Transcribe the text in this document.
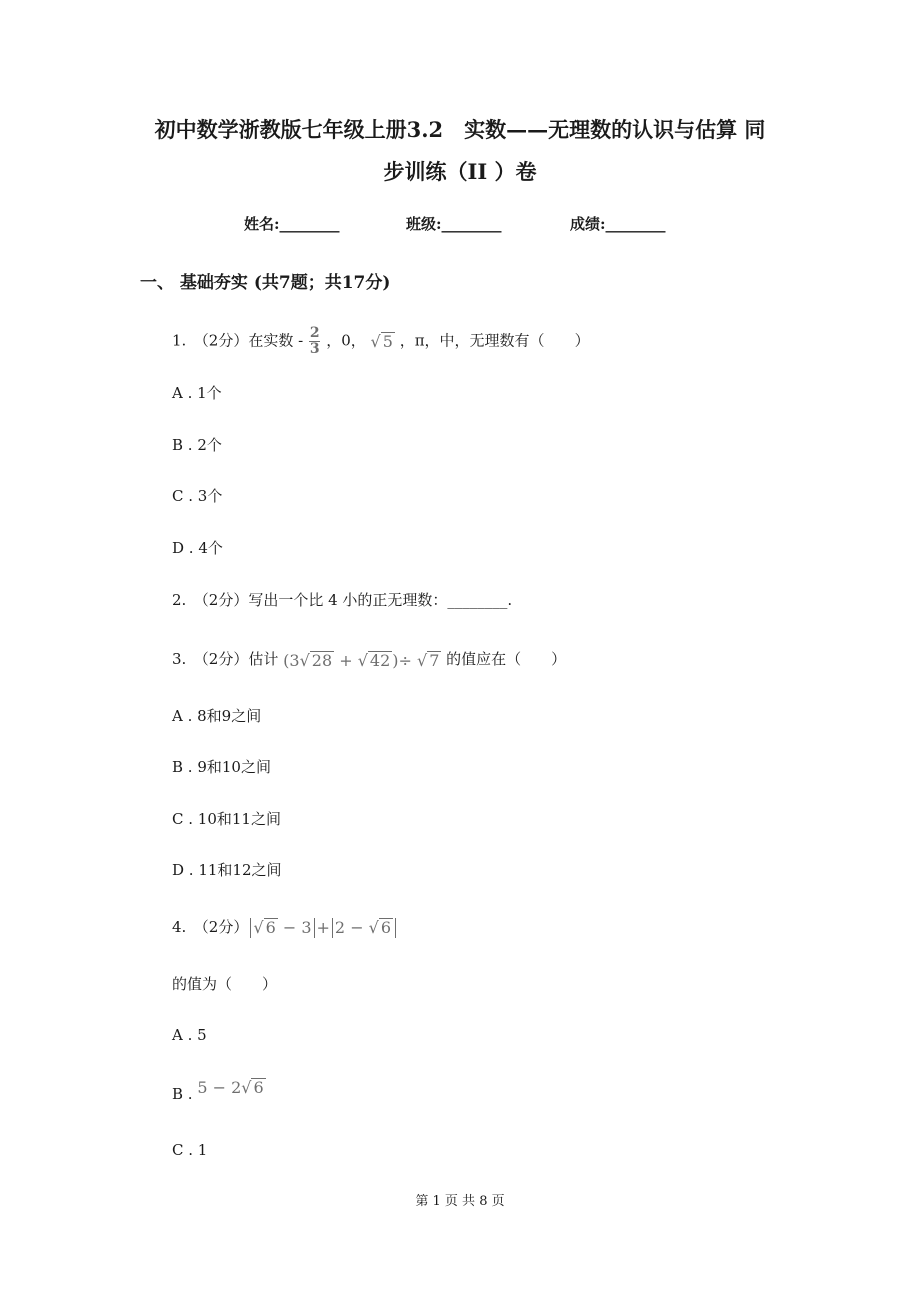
初中数学浙教版七年级上册3.2　实数——无理数的认识与估算 同
步训练（II ）卷
姓名:________	班级:________	成绩:________
一、 基础夯实 (共7题；共17分)
1.　（2分）在实数 - $\frac{2}{3}$ ，0， √ 5 ，π，中，无理数有（　　）
A . 1个
B . 2个
C . 3个
D . 4个
2.　（2分）写出一个比 4 小的正无理数：________.
3.　（2分）估计 (3√ 28 + √ 42 )÷ √ 7 的值应在（　　）
A . 8和9之间
B . 9和10之间
C . 10和11之间
D . 11和12之间
4.　（2分） √ 6 − 3 + 2 − √ 6
的值为（　　）
A . 5
B . 5 − 2√ 6
C . 1
第 1 页 共 8 页
